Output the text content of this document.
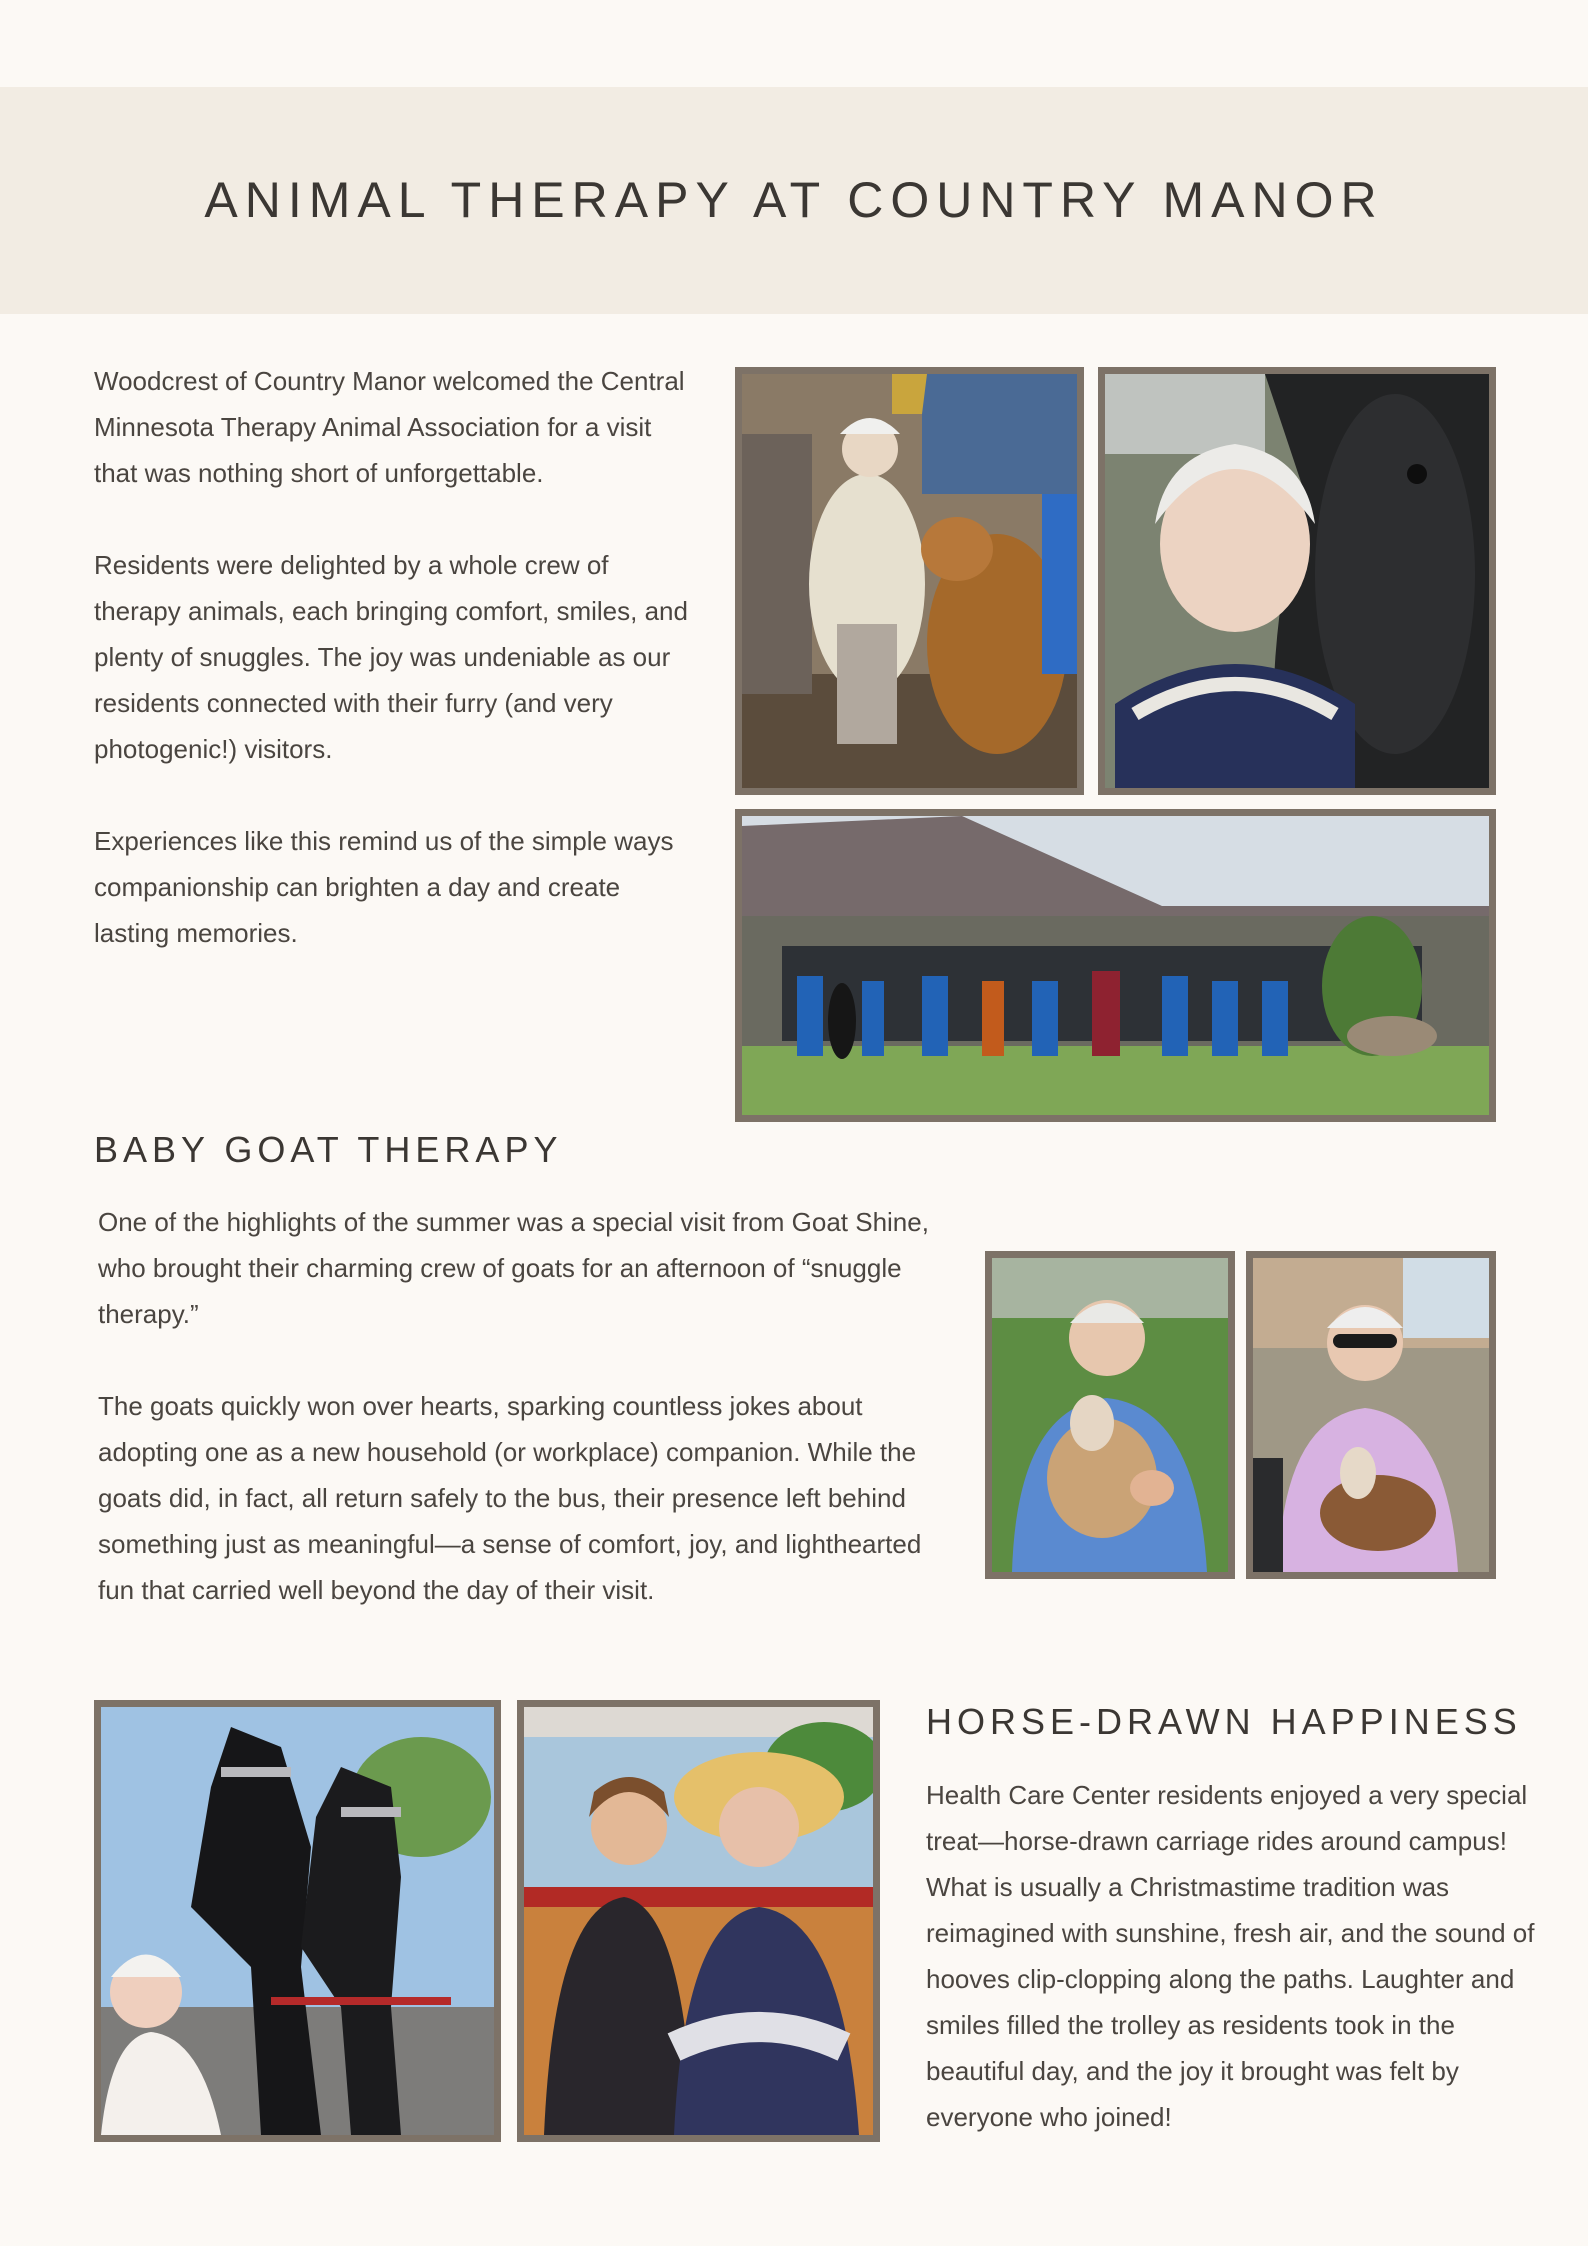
ANIMAL THERAPY AT COUNTRY MANOR

Woodcrest of Country Manor welcomed the Central Minnesota Therapy Animal Association for a visit that was nothing short of unforgettable.

Residents were delighted by a whole crew of therapy animals, each bringing comfort, smiles, and plenty of snuggles. The joy was undeniable as our residents connected with their furry (and very photogenic!) visitors.

Experiences like this remind us of the simple ways companionship can brighten a day and create lasting memories.

BABY GOAT THERAPY

One of the highlights of the summer was a special visit from Goat Shine, who brought their charming crew of goats for an afternoon of “snuggle therapy.”

The goats quickly won over hearts, sparking countless jokes about adopting one as a new household (or workplace) companion. While the goats did, in fact, all return safely to the bus, their presence left behind something just as meaningful—a sense of comfort, joy, and lighthearted fun that carried well beyond the day of their visit.

HORSE-DRAWN HAPPINESS

Health Care Center residents enjoyed a very special treat—horse-drawn carriage rides around campus! What is usually a Christmastime tradition was reimagined with sunshine, fresh air, and the sound of hooves clip-clopping along the paths. Laughter and smiles filled the trolley as residents took in the beautiful day, and the joy it brought was felt by everyone who joined!
